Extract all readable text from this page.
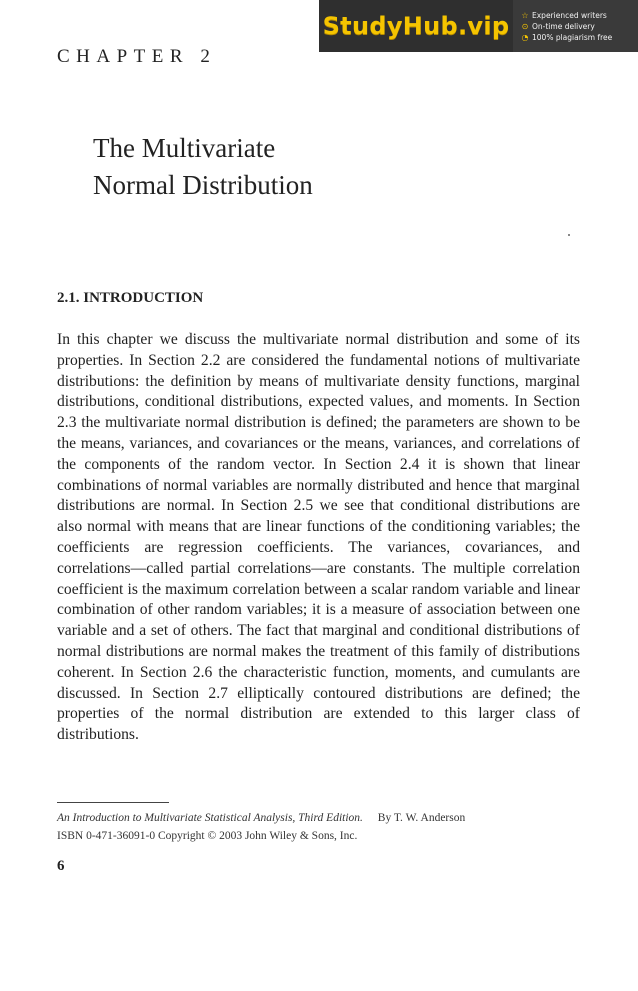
StudyHub.vip ☆ Experienced writers
⊙ On-time delivery
◔ 100% plagiarism free
CHAPTER 2
The Multivariate
Normal Distribution
2.1. INTRODUCTION

In this chapter we discuss the multivariate normal distribution and some of its properties. In Section 2.2 are considered the fundamental notions of multivariate distributions: the definition by means of multivariate density functions, marginal distributions, conditional distributions, expected values, and moments. In Section 2.3 the multivariate normal distribution is defined; the parameters are shown to be the means, variances, and covariances or the means, variances, and correlations of the components of the random vector. In Section 2.4 it is shown that linear combinations of normal variables are normally distributed and hence that marginal distributions are normal. In Section 2.5 we see that conditional distributions are also normal with means that are linear functions of the conditioning variables; the coefficients are regression coefficients. The variances, covariances, and correlations—called partial correlations—are constants. The multiple correlation coefficient is the maximum correlation between a scalar random variable and linear combination of other random variables; it is a measure of association between one variable and a set of others. The fact that marginal and conditional distributions of normal distributions are normal makes the treatment of this family of distributions coherent. In Section 2.6 the characteristic function, moments, and cumulants are discussed. In Section 2.7 elliptically contoured distributions are defined; the properties of the normal distribution are extended to this larger class of distributions.

An Introduction to Multivariate Statistical Analysis, Third Edition. By T. W. Anderson
ISBN 0-471-36091-0 Copyright © 2003 John Wiley & Sons, Inc.
6
